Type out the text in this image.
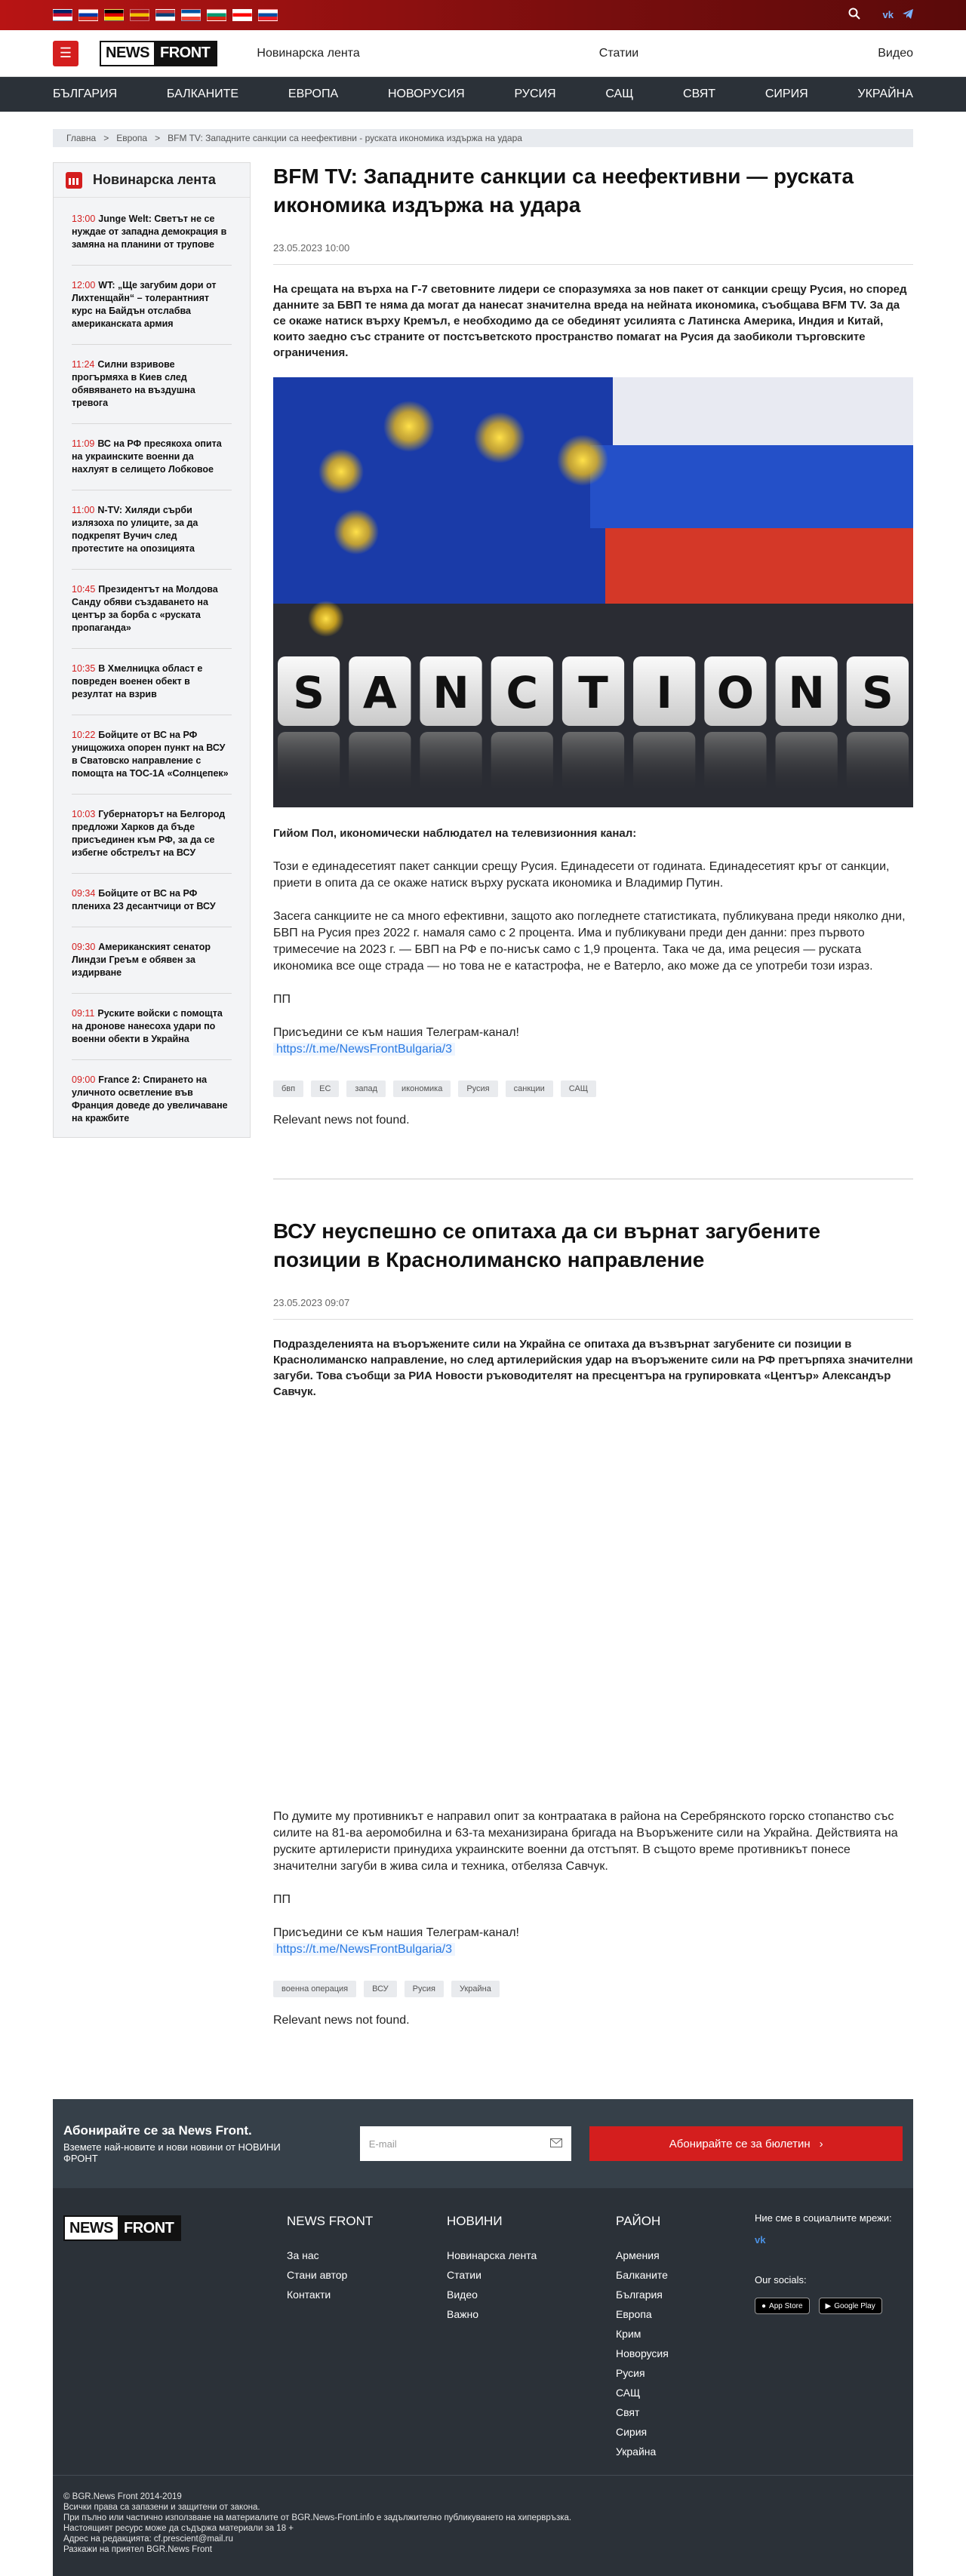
vk
☰	NEWS FRONT	Новинарска лента	Статии	Видео
БЪЛГАРИЯ	БАЛКАНИТЕ	ЕВРОПА	НОВОРУСИЯ	РУСИЯ	САЩ	СВЯТ	СИРИЯ	УКРАЙНА
Главна > Европа > BFM TV: Западните санкции са неефективни - руската икономика издържа на удара
Новинарска лента
13:00 Junge Welt: Светът не се нуждае от западна демокрация в замяна на планини от трупове
12:00 WT: „Ще загубим дори от Лихтенщайн“ – толерантният курс на Байдън отслабва американската армия
11:24 Силни взривове прогърмяха в Киев след обявяването на въздушна тревога
11:09 ВС на РФ пресякоха опита на украинските военни да нахлуят в селището Лобковое
11:00 N-TV: Хиляди сърби излязоха по улиците, за да подкрепят Вучич след протестите на опозицията
10:45 Президентът на Молдова Санду обяви създаването на център за борба с «руската пропаганда»
10:35 В Хмелницка област е повреден военен обект в резултат на взрив
10:22 Бойците от ВС на РФ унищожиха опорен пункт на ВСУ в Сватовско направление с помощта на ТОС-1А «Солнцепек»
10:03 Губернаторът на Белгород предложи Харков да бъде присъединен към РФ, за да се избегне обстрелът на ВСУ
09:34 Бойците от ВС на РФ плениха 23 десантчици от ВСУ
09:30 Американският сенатор Линдзи Греъм е обявен за издирване
09:11 Руските войски с помощта на дронове нанесоха удари по военни обекти в Украйна
09:00 France 2: Спирането на уличното осветление във Франция доведе до увеличаване на кражбите
BFM TV: Западните санкции са неефективни — руската икономика издържа на удара
23.05.2023 10:00

На срещата на върха на Г-7 световните лидери се споразумяха за нов пакет от санкции срещу Русия, но според данните за БВП те няма да могат да нанесат значителна вреда на нейната икономика, съобщава BFM TV. За да се окаже натиск върху Кремъл, е необходимо да се обединят усилията с Латинска Америка, Индия и Китай, които заедно със страните от постсъветското пространство помагат на Русия да заобиколи търговските ограничения.

S A N C T I O N S

Гийом Пол, икономически наблюдател на телевизионния канал:

Този е единадесетият пакет санкции срещу Русия. Единадесети от годината. Единадесетият кръг от санкции, приети в опита да се окаже натиск върху руската икономика и Владимир Путин.

Засега санкциите не са много ефективни, защото ако погледнете статистиката, публикувана преди няколко дни, БВП на Русия през 2022 г. намаля само с 2 процента. Има и публикувани преди ден данни: през първото тримесечие на 2023 г. — БВП на РФ е по-нисък само с 1,9 процента. Така че да, има рецесия — руската икономика все още страда — но това не е катастрофа, не е Ватерло, ако може да се употреби този израз.

ПП

Присъедини се към нашия Телеграм-канал!

https://t.me/NewsFrontBulgaria/3

бвп	ЕС	запад	икономика	Русия	санкции	САЩ

Relevant news not found.

ВСУ неуспешно се опитаха да си върнат загубените позиции в Краснолиманско направление
23.05.2023 09:07

Подразделенията на въоръжените сили на Украйна се опитаха да възвърнат загубените си позиции в Краснолиманско направление, но след артилерийския удар на въоръжените сили на РФ претърпяха значителни загуби. Това съобщи за РИА Новости ръководителят на пресцентъра на групировката «Център» Александър Савчук.

По думите му противникът е направил опит за контраатака в района на Серебрянското горско стопанство със силите на 81-ва аеромобилна и 63-та механизирана бригада на Въоръжените сили на Украйна. Действията на руските артилеристи принудиха украинските военни да отстъпят. В същото време противникът понесе значителни загуби в жива сила и техника, отбеляза Савчук.

ПП

Присъедини се към нашия Телеграм-канал!

https://t.me/NewsFrontBulgaria/3

военна операция	ВСУ	Русия	Украйна

Relevant news not found.

Абонирайте се за News Front.
Вземете най-новите и нови новини от НОВИНИ ФРОНТ
E-mail	Абонирайте се за бюлетин ›
NEWS FRONT	NEWS FRONT
За нас
Стани автор
Контакти
НОВИНИ
Новинарска лента
Статии
Видео
Важно
РАЙОН
Армения
Балканите
България
Европа
Крим
Новорусия
Русия
САЩ
Свят
Сирия
Украйна
Ние сме в социалните мрежи:
vk
Our socials:
● App Store	▶ Google Play
© BGR.News Front 2014-2019
Всички права са запазени и защитени от закона.
При пълно или частично използване на материалите от BGR.News-Front.info е задължително публикуването на хипервръзка.
Настоящият ресурс може да съдържа материали за 18 +
Адрес на редакцията: cf.prescient@mail.ru
Разкажи на приятел BGR.News Front
